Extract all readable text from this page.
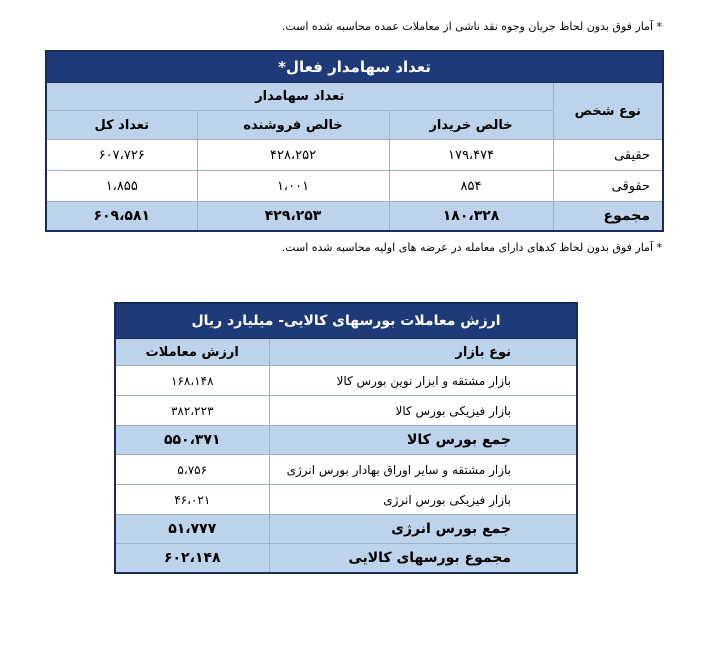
* آمار فوق بدون لحاظ جریان وجوه نقد ناشی از معاملات عمده محاسبه شده است.
تعداد سهامدار فعال*			
نوع شخص	تعداد سهامدار		
	خالص خریدار	خالص فروشنده	تعداد کل
حقیقی	۱۷۹،۴۷۴	۴۲۸،۲۵۲	۶۰۷،۷۲۶
حقوقی	۸۵۴	۱،۰۰۱	۱،۸۵۵
مجموع	۱۸۰،۳۲۸	۴۲۹،۲۵۳	۶۰۹،۵۸۱
* آمار فوق بدون لحاظ کدهای دارای معامله در عرضه های اولیه محاسبه شده است.
ارزش معاملات بورسهای کالایی- میلیارد ریال	
نوع بازار	ارزش معاملات
بازار مشتقه و ابزار نوین بورس کالا	۱۶۸،۱۴۸
بازار فیزیکی بورس کالا	۳۸۲،۲۲۳
جمع بورس کالا	۵۵۰،۳۷۱
بازار مشتقه و سایر اوراق بهادار بورس انرژی	۵،۷۵۶
بازار فیزیکی بورس انرژی	۴۶،۰۲۱
جمع بورس انرژی	۵۱،۷۷۷
مجموع بورسهای کالایی	۶۰۲،۱۴۸
